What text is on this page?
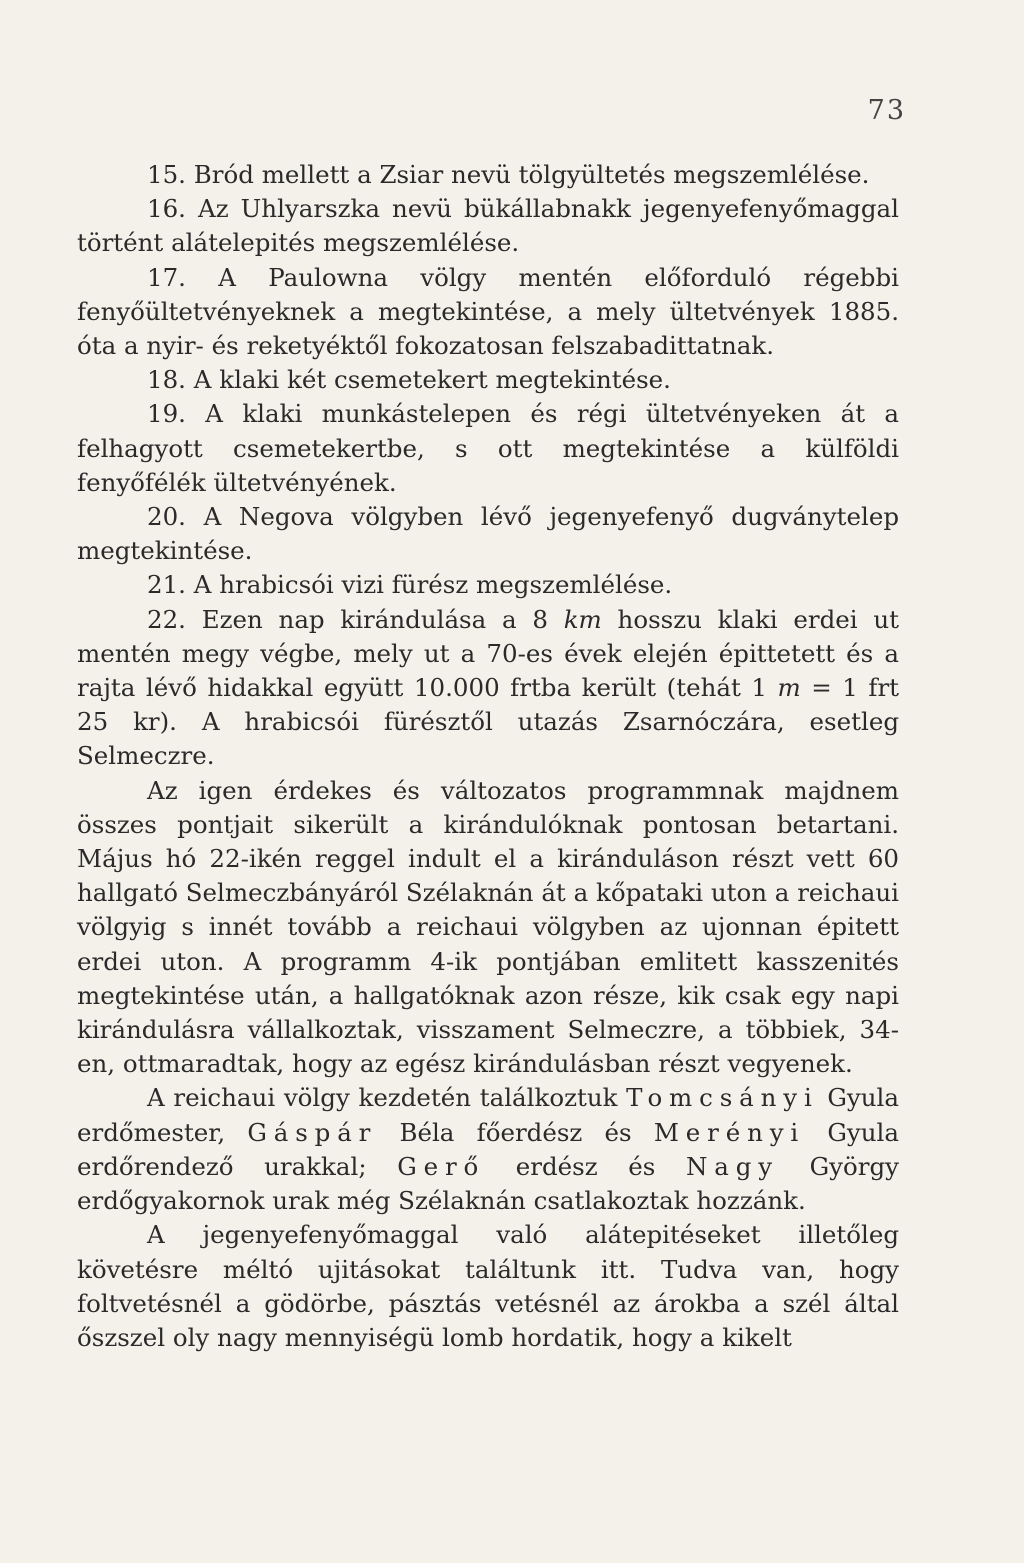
73

15. Bród mellett a Zsiar nevü tölgyültetés megszemlélése.

16. Az Uhlyarszka nevü bükállabnakk jegenyefenyőmaggal történt alátelepités megszemlélése.

17. A Paulowna völgy mentén előforduló régebbi fenyőültetvényeknek a megtekintése, a mely ültetvények 1885. óta a nyir- és reketyéktől fokozatosan felszabadittatnak.

18. A klaki két csemetekert megtekintése.

19. A klaki munkástelepen és régi ültetvényeken át a felhagyott csemetekertbe, s ott megtekintése a külföldi fenyőfélék ültetvényének.

20. A Negova völgyben lévő jegenyefenyő dugványtelep megtekintése.

21. A hrabicsói vizi fürész megszemlélése.

22. Ezen nap kirándulása a 8 km hosszu klaki erdei ut mentén megy végbe, mely ut a 70-es évek elején épittetett és a rajta lévő hidakkal együtt 10.000 frtba került (tehát 1 m = 1 frt 25 kr). A hrabicsói fürésztől utazás Zsarnóczára, esetleg Selmeczre.

Az igen érdekes és változatos programmnak majdnem összes pontjait sikerült a kirándulóknak pontosan betartani. Május hó 22-ikén reggel indult el a kiránduláson részt vett 60 hallgató Selmeczbányáról Szélaknán át a kőpataki uton a reichaui völgyig s innét tovább a reichaui völgyben az ujonnan épitett erdei uton. A programm 4-ik pontjában emlitett kasszenités megtekintése után, a hallgatóknak azon része, kik csak egy napi kirándulásra vállalkoztak, visszament Selmeczre, a többiek, 34-en, ottmaradtak, hogy az egész kirándulásban részt vegyenek.

A reichaui völgy kezdetén találkoztuk Tomcsányi Gyula erdőmester, Gáspár Béla főerdész és Merényi Gyula erdőrendező urakkal; Gerő erdész és Nagy György erdőgyakornok urak még Szélaknán csatlakoztak hozzánk.

A jegenyefenyőmaggal való alátepitéseket illetőleg követésre méltó ujitásokat találtunk itt. Tudva van, hogy foltvetésnél a gödörbe, pásztás vetésnél az árokba a szél által őszszel oly nagy mennyiségü lomb hordatik, hogy a kikelt
